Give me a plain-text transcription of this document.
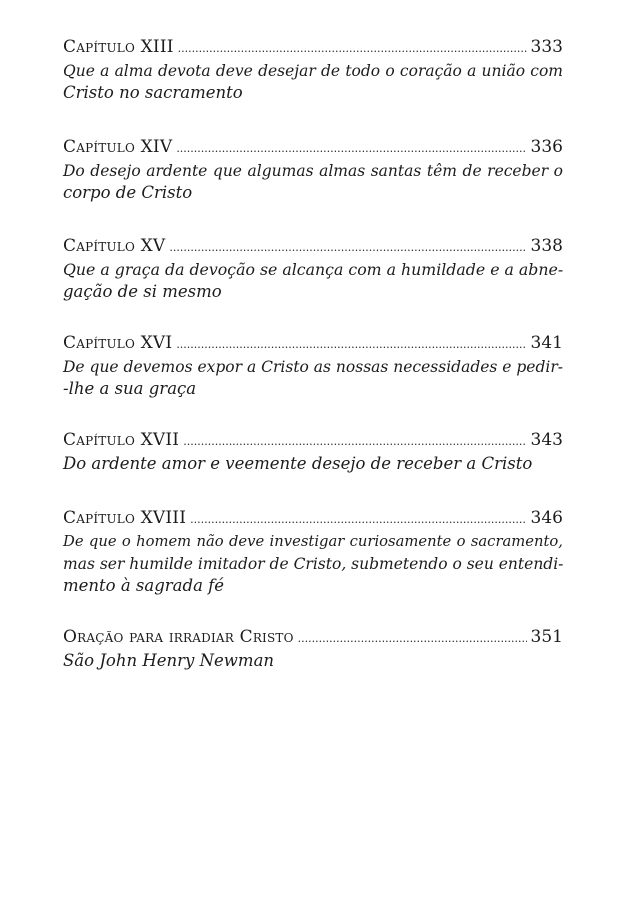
Capítulo XIII .....	333
Que a alma devota deve desejar de todo o coração a união com
Cristo no sacramento
Capítulo XIV .....	336
Do desejo ardente que algumas almas santas têm de receber o
corpo de Cristo
Capítulo XV .....	338
Que a graça da devoção se alcança com a humildade e a abne-
gação de si mesmo
Capítulo XVI .....	341
De que devemos expor a Cristo as nossas necessidades e pedir-
-lhe a sua graça
Capítulo XVII .....	343
Do ardente amor e veemente desejo de receber a Cristo
Capítulo XVIII .....	346
De que o homem não deve investigar curiosamente o sacramento,
mas ser humilde imitador de Cristo, submetendo o seu entendi-
mento à sagrada fé
Oração para irradiar Cristo .....	351
São John Henry Newman
